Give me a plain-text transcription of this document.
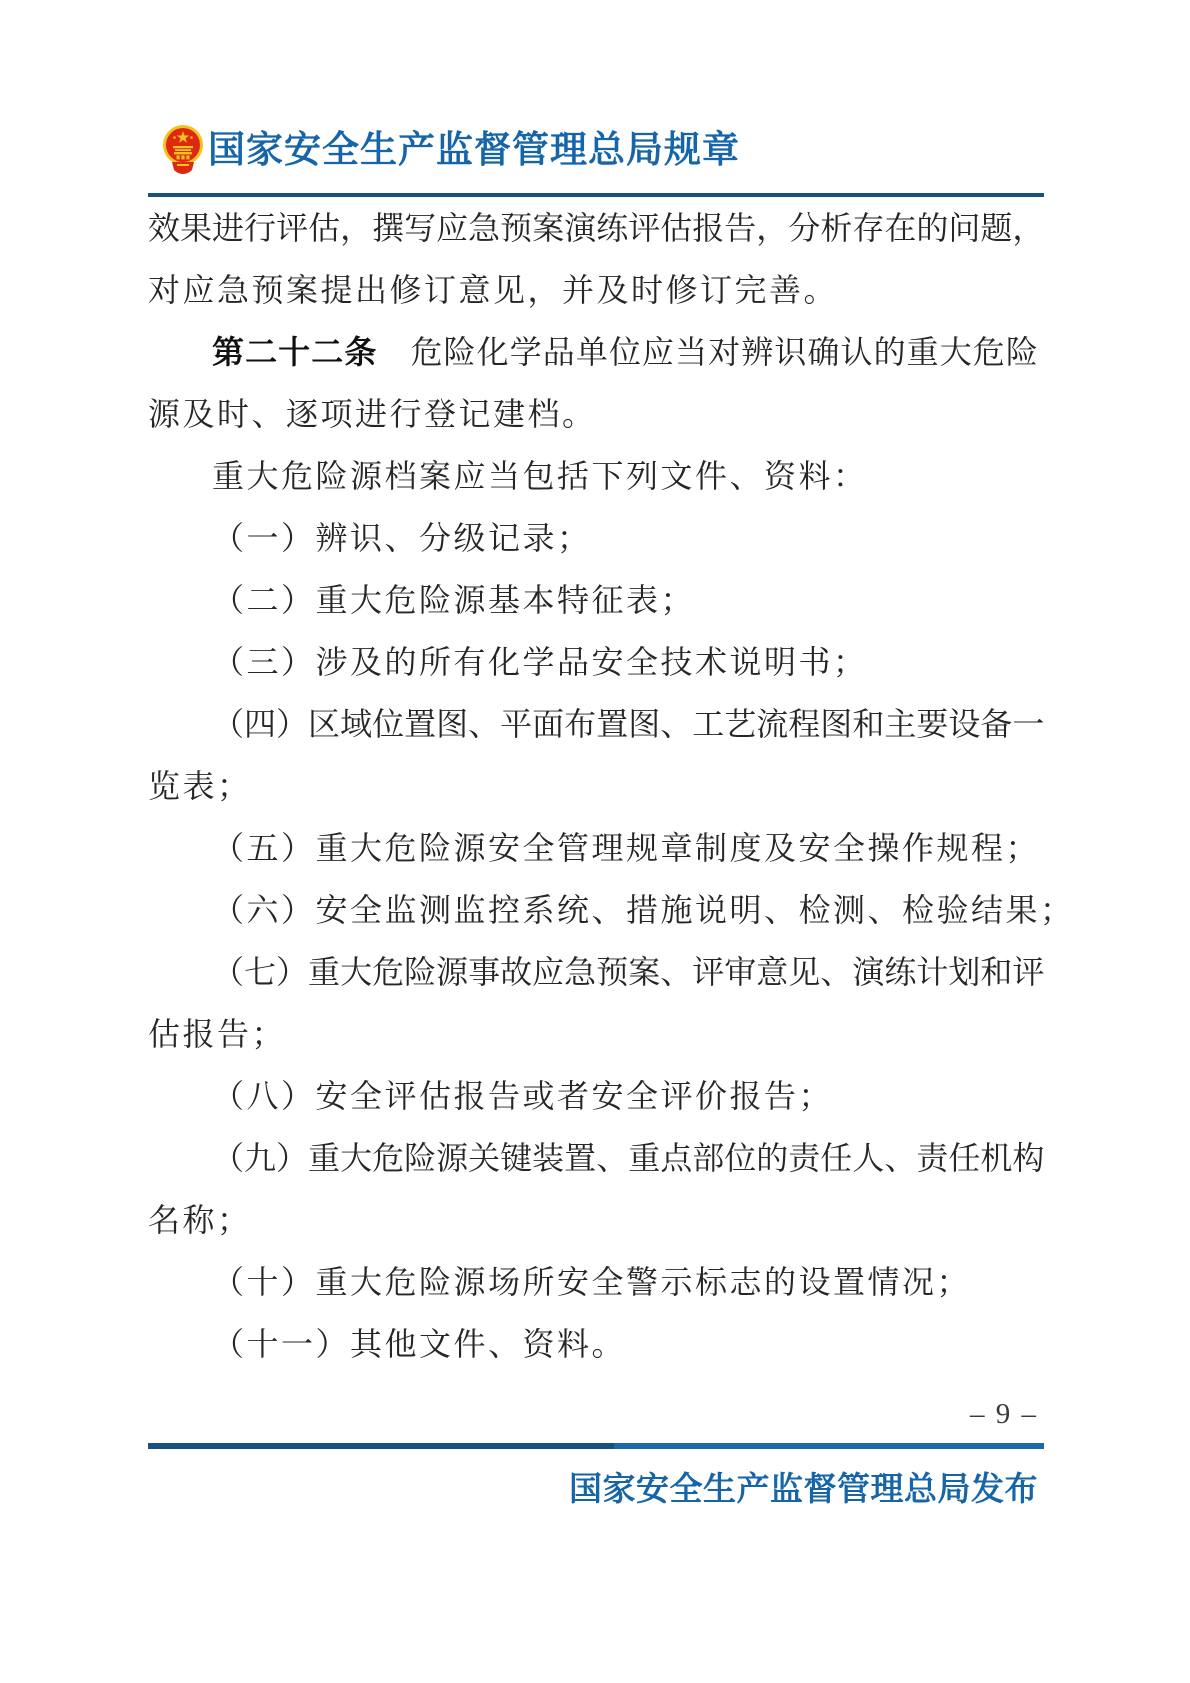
国家安全生产监督管理总局规章
效 果 进 行 评 估 ， 撰 写 应 急 预 案 演 练 评 估 报 告 ， 分 析 存 在 的 问 题 ，
对应急预案提出修订意见，并及时修订完善。
第 二 十 二 条
　 危 险 化 学 品 单 位 应 当 对 辨 识 确 认 的 重 大 危 险
源及时、逐项进行登记建档。
重大危险源档案应当包括下列文件、资料：
（一）辨识、分级记录；
（二）重大危险源基本特征表；
（三）涉及的所有化学品安全技术说明书；
（ 四 ） 区 域 位 置 图 、 平 面 布 置 图 、 工 艺 流 程 图 和 主 要 设 备 一
览表；
（五）重大危险源安全管理规章制度及安全操作规程；
（六）安全监测监控系统、措施说明、检测、检验结果；
（ 七 ） 重 大 危 险 源 事 故 应 急 预 案 、 评 审 意 见 、 演 练 计 划 和 评
估报告；
（八）安全评估报告或者安全评价报告；
（ 九 ） 重 大 危 险 源 关 键 装 置 、 重 点 部 位 的 责 任 人 、 责 任 机 构
名称；
（十）重大危险源场所安全警示标志的设置情况；
（十一）其他文件、资料。
– 9 –
国家安全生产监督管理总局发布
